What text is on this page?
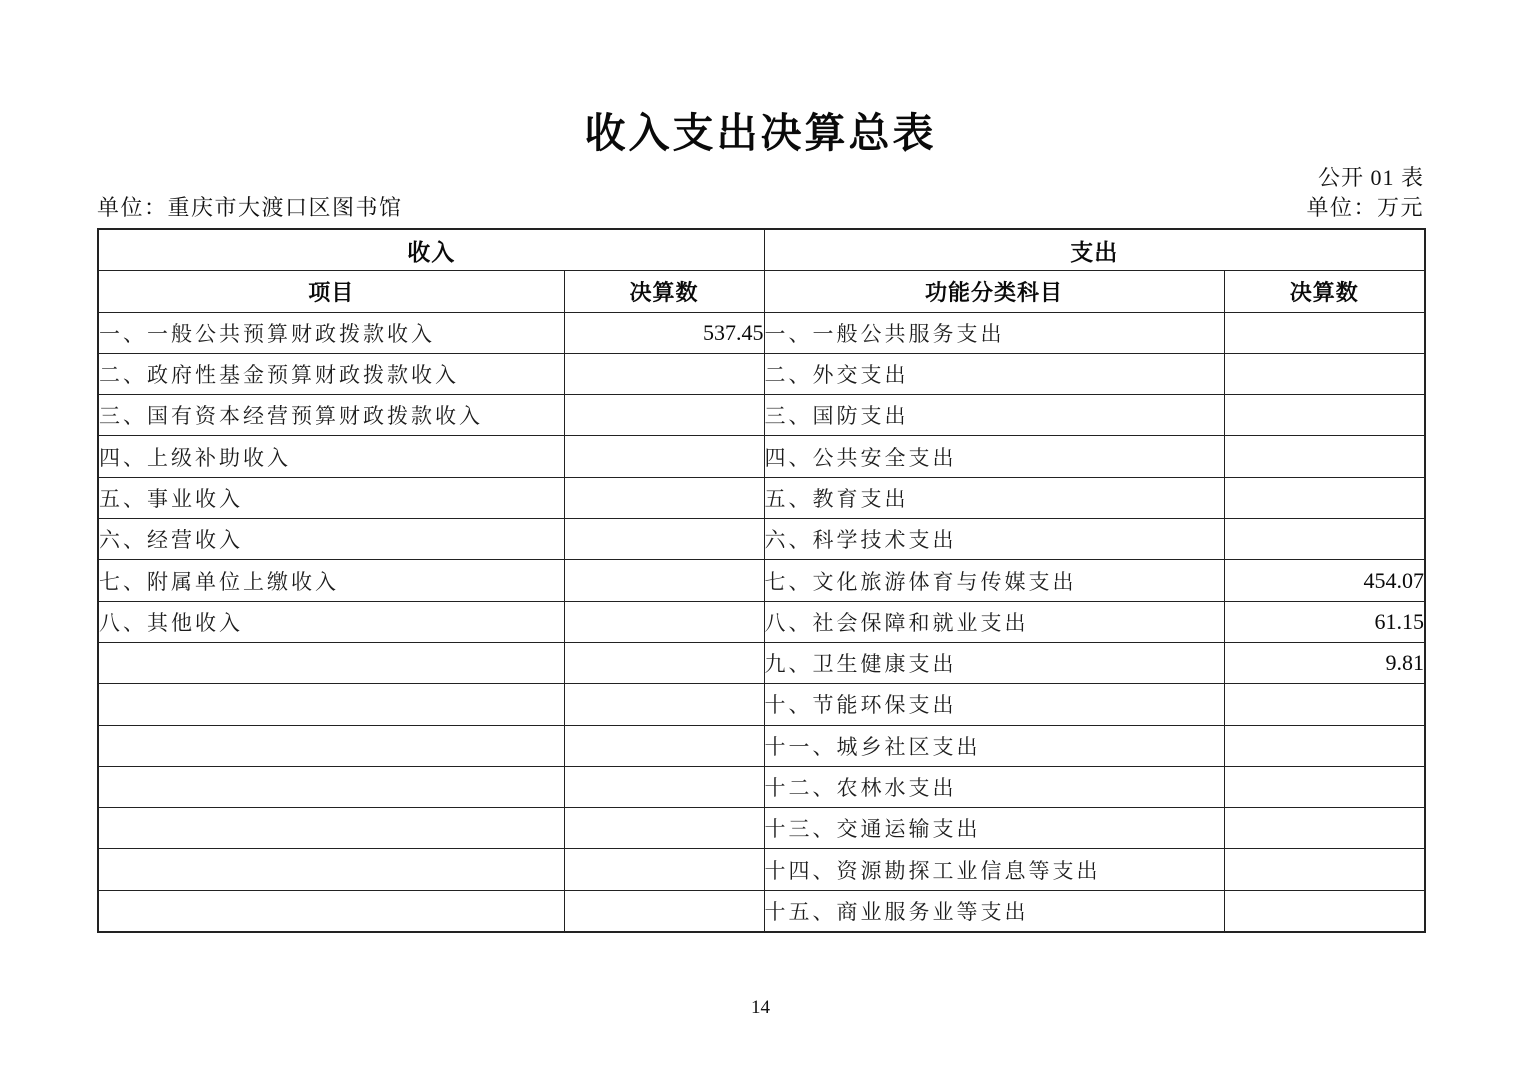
收入支出决算总表
公开 01 表
单位：重庆市大渡口区图书馆	单位：万元
收入		支出	
项目	决算数	功能分类科目	决算数
一、一般公共预算财政拨款收入	537.45	一、一般公共服务支出	
二、政府性基金预算财政拨款收入		二、外交支出	
三、国有资本经营预算财政拨款收入		三、国防支出	
四、上级补助收入		四、公共安全支出	
五、事业收入		五、教育支出	
六、经营收入		六、科学技术支出	
七、附属单位上缴收入		七、文化旅游体育与传媒支出	454.07
八、其他收入		八、社会保障和就业支出	61.15
		九、卫生健康支出	9.81
		十、节能环保支出	
		十一、城乡社区支出	
		十二、农林水支出	
		十三、交通运输支出	
		十四、资源勘探工业信息等支出	
		十五、商业服务业等支出	
14
